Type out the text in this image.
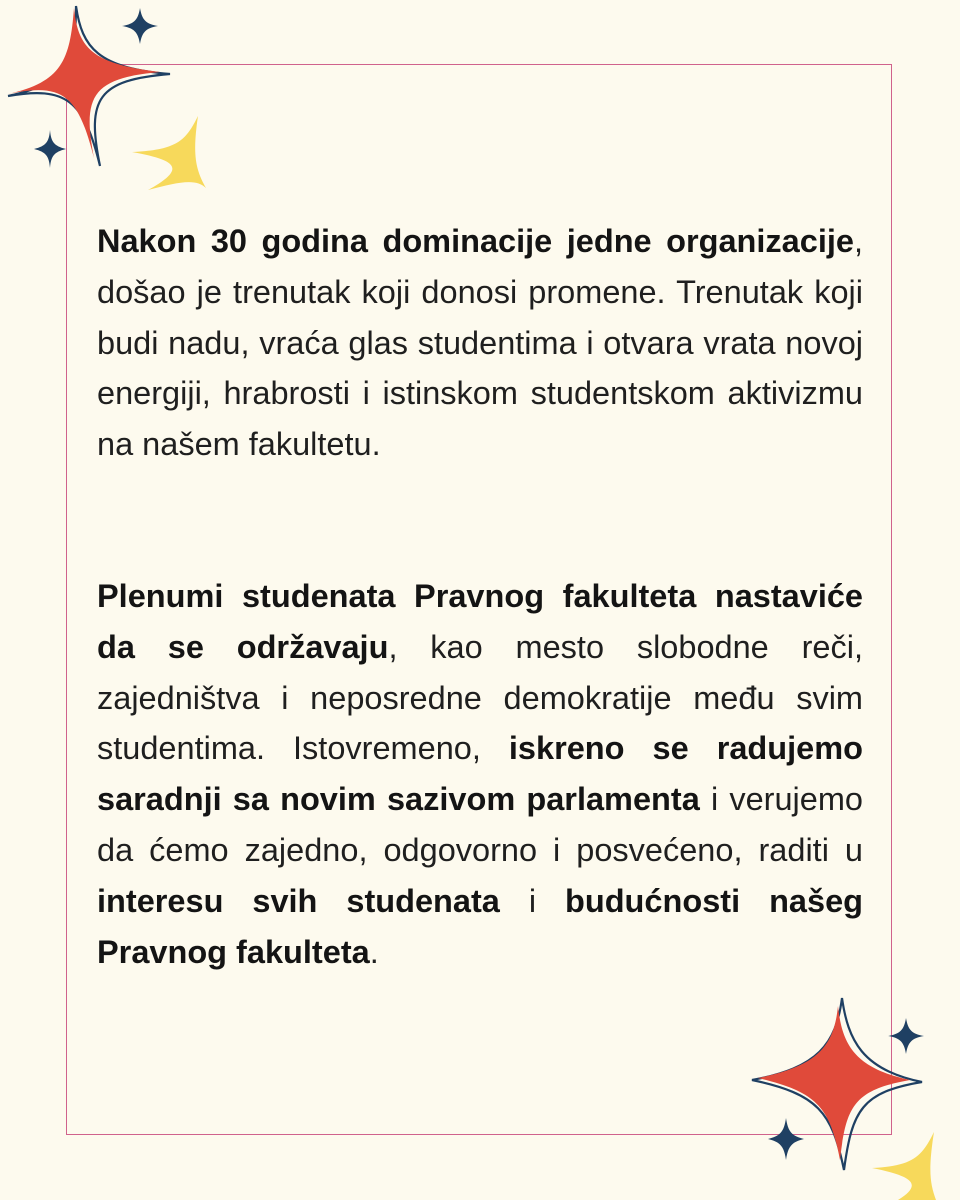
Nakon 30 godina dominacije jedne organizacije, došao je trenutak koji donosi promene. Trenutak koji budi nadu, vraća glas studentima i otvara vrata novoj energiji, hrabrosti i istinskom studentskom aktivizmu na našem fakultetu.

Plenumi studenata Pravnog fakulteta nastaviće da se održavaju, kao mesto slobodne reči, zajedništva i neposredne demokratije među svim studentima. Istovremeno, iskreno se radujemo saradnji sa novim sazivom parlamenta i verujemo da ćemo zajedno, odgovorno i posvećeno, raditi u interesu svih studenata i budućnosti našeg Pravnog fakulteta.
